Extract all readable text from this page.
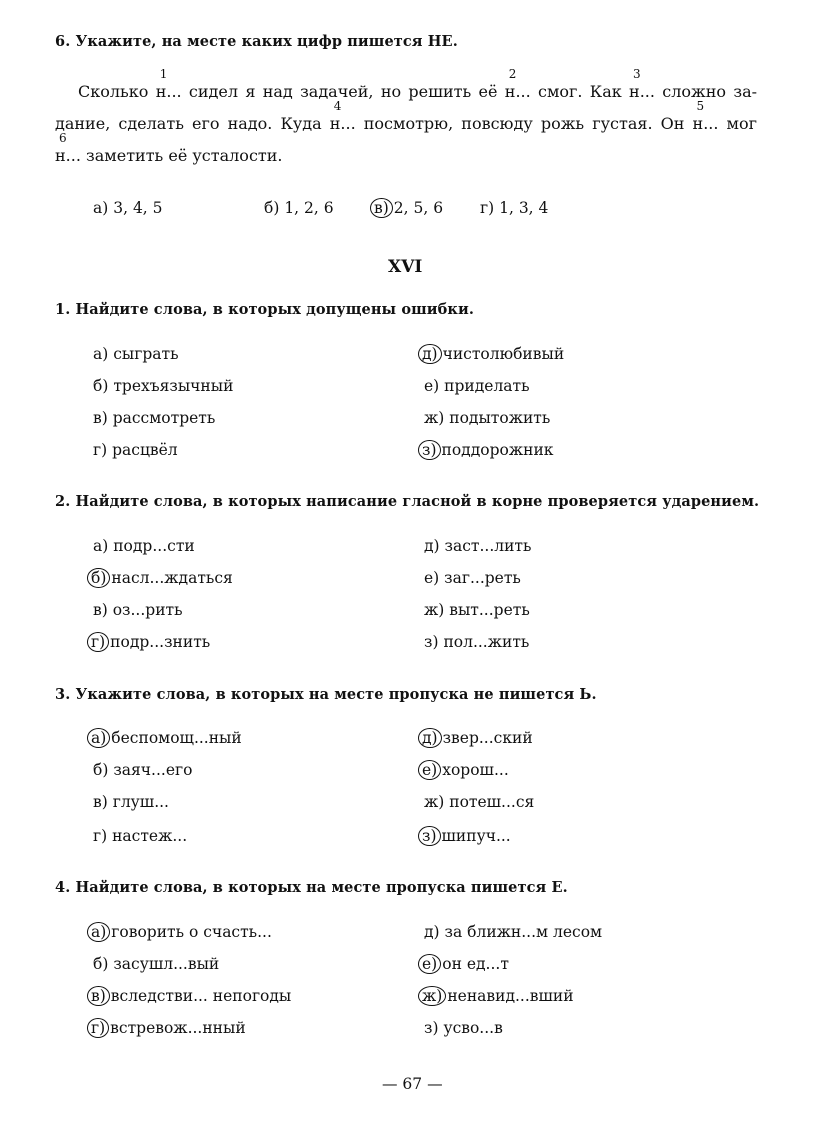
6. Укажите, на месте каких цифр пишется НЕ.
Сколько
1
н... сидел я над задачей, но решить её
2
н... смог. Как
3
н... сложно за-
дание, сделать его надо. Куда
4
н... посмотрю, повсюду рожь густая. Он
5
н... мог
6
н... заметить её усталости.
а) 3, 4, 5	б) 1, 2, 6	в) 2, 5, 6 г) 1, 3, 4
XVI
1. Найдите слова, в которых допущены ошибки.
а) сыграть
б) трехъязычный
в) рассмотреть
г) расцвёл
д) чистолюбивый
е) приделать
ж) подытожить
з) поддорожник
2. Найдите слова, в которых написание гласной в корне проверяется ударением.
а) подр...сти
б) насл...ждаться
в) оз...рить
г) подр...знить
д) заст...лить
е) заг...реть
ж) выт...реть
з) пол...жить
3. Укажите слова, в которых на месте пропуска не пишется Ь.
а) беспомощ...ный
б) заяч...его
в) глуш...
г) настеж...
д) звер...ский
е) хорош...
ж) потеш...ся
з) шипуч...
4. Найдите слова, в которых на месте пропуска пишется Е.
а) говорить о счасть...
б) засушл...вый
в) вследстви... непогоды
г) встревож...нный
д) за ближн...м лесом
е) он ед...т
ж) ненавид...вший
з) усво...в
— 67 —
